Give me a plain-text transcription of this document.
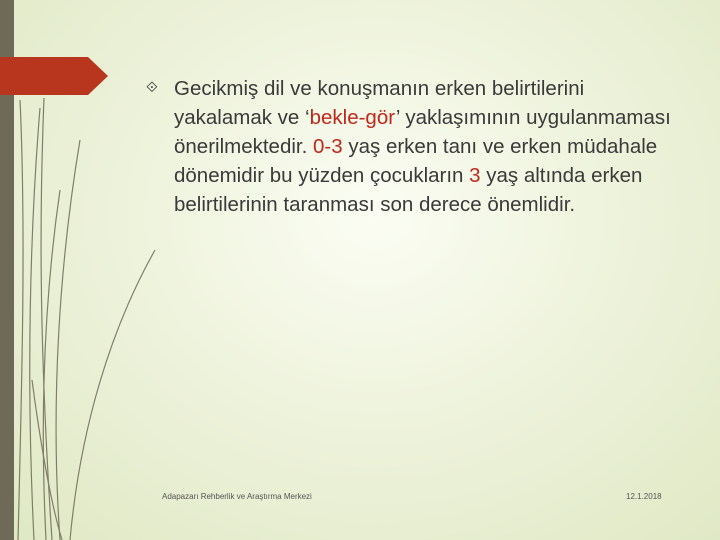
⟐ Gecikmiş dil ve konuşmanın erken belirtilerini yakalamak ve ‘bekle-gör’ yaklaşımının uygulanmaması önerilmektedir. 0-3 yaş erken tanı ve erken müdahale dönemidir bu yüzden çocukların 3 yaş altında erken belirtilerinin taranması son derece önemlidir.

Adapazarı Rehberlik ve Araştırma Merkezi	12.1.2018
